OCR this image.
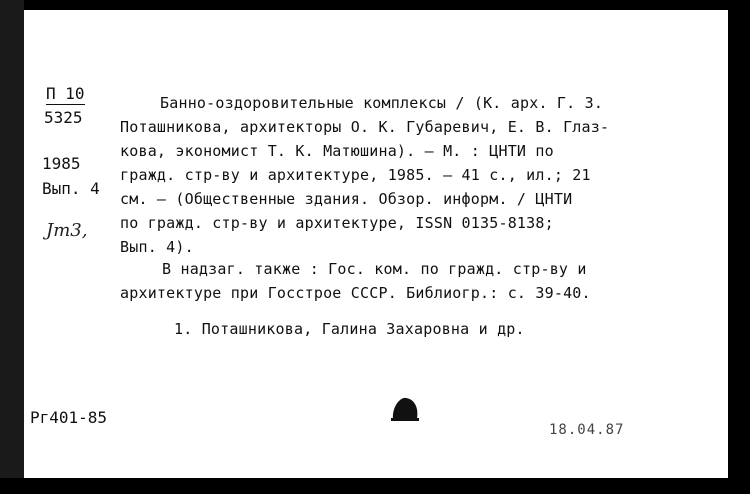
П 10
5325
1985
Вып. 4
Jm3,
Банно-оздоровительные комплексы / (К. арх. Г. З.
Поташникова, архитекторы О. К. Губаревич, Е. В. Глаз-
кова, экономист Т. К. Матюшина). — М. : ЦНТИ по
гражд. стр-ву и архитектуре, 1985. — 41 с., ил.; 21
см. — (Общественные здания. Обзор. информ. / ЦНТИ
по гражд. стр-ву и архитектуре, ISSN 0135-8138;
Вып. 4).
В надзаг. также : Гос. ком. по гражд. стр-ву и
архитектуре при Госстрое СССР. Библиогр.: с. 39-40.
1. Поташникова, Галина Захаровна и др.
Рг401-85
18.04.87
